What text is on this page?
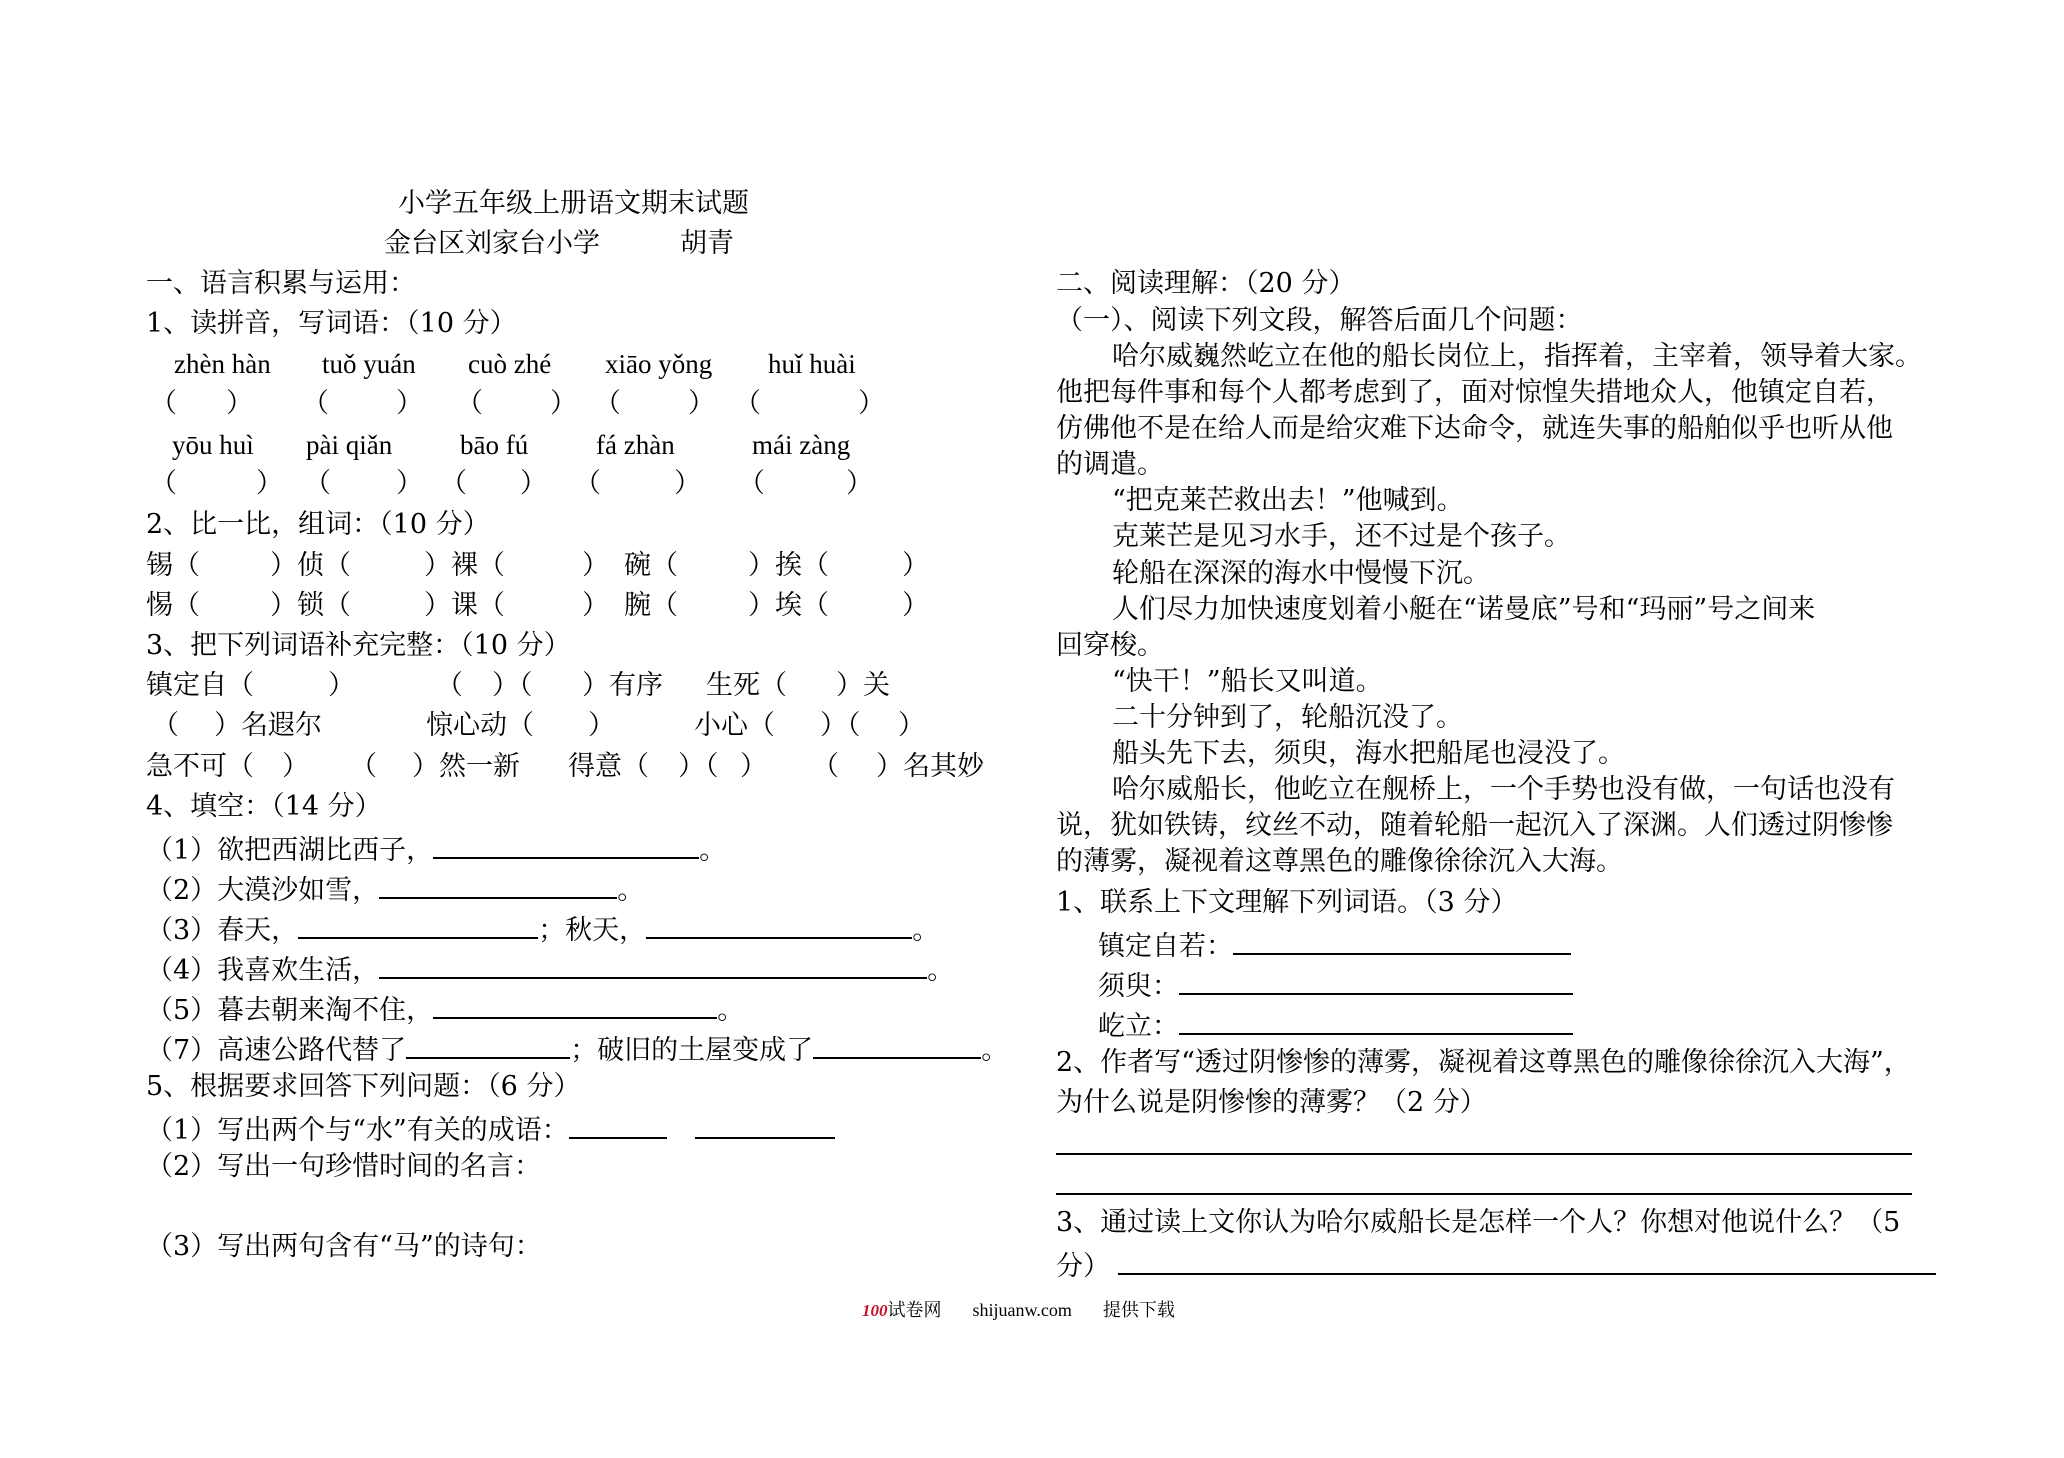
小学五年级上册语文期末试题
金台区刘家台小学	胡青
一、语言积累与运用：
1、读拼音，写词语：（10 分）
zhèn hàn tuǒ yuán cuò zhé xiāo yǒng huǐ huài
（ ） （ ） （ ） （ ） （	）
yōu huì pài qiǎn	bāo fú	fá zhàn	mái zàng
（	） （ ） （ ） （	） （	）
2、比一比，组词：（10 分）
锡（	）侦（	）裸（	） 碗（	）挨（	）
惕（	）锁（	）课（	） 腕（	）埃（	）
3、把下列词语补充完整：（10 分）
镇定自（	）	（ ）（ ）有序 生死（ ）关
（ ）名遐尔	惊心动（ ）	小心（ ）（ ）
急不可（ ） （ ）然一新 得意（ ）（ ） （ ）名其妙
4、填空：（14 分）
（1）欲把西湖比西子，	。
（2）大漠沙如雪，	。
（3）春天，	；秋天，	。
（4）我喜欢生活，	。
（5）暮去朝来淘不住，	。
（7）高速公路代替了	；破旧的土屋变成了	。
5、根据要求回答下列问题：（6 分）
（1）写出两个与“水”有关的成语：
（2）写出一句珍惜时间的名言：
（3）写出两句含有“马”的诗句：
二、阅读理解：（20 分）
（一）、阅读下列文段，解答后面几个问题：
哈尔威巍然屹立在他的船长岗位上，指挥着，主宰着，领导着大家。
他把每件事和每个人都考虑到了，面对惊惶失措地众人，他镇定自若，
仿佛他不是在给人而是给灾难下达命令，就连失事的船舶似乎也听从他
的调遣。
“把克莱芒救出去！”他喊到。
克莱芒是见习水手，还不过是个孩子。
轮船在深深的海水中慢慢下沉。
人们尽力加快速度划着小艇在“诺曼底”号和“玛丽”号之间来
回穿梭。
“快干！”船长又叫道。
二十分钟到了，轮船沉没了。
船头先下去，须臾，海水把船尾也浸没了。
哈尔威船长，他屹立在舰桥上，一个手势也没有做，一句话也没有
说，犹如铁铸，纹丝不动，随着轮船一起沉入了深渊。人们透过阴惨惨
的薄雾，凝视着这尊黑色的雕像徐徐沉入大海。
1、联系上下文理解下列词语。（3 分）
镇定自若：
须臾：
屹立：
2、作者写“透过阴惨惨的薄雾，凝视着这尊黑色的雕像徐徐沉入大海”，
为什么说是阴惨惨的薄雾？（2 分）
3、通过读上文你认为哈尔威船长是怎样一个人？你想对他说什么？（5
分）
100试卷网 shijuanw.com 提供下载
